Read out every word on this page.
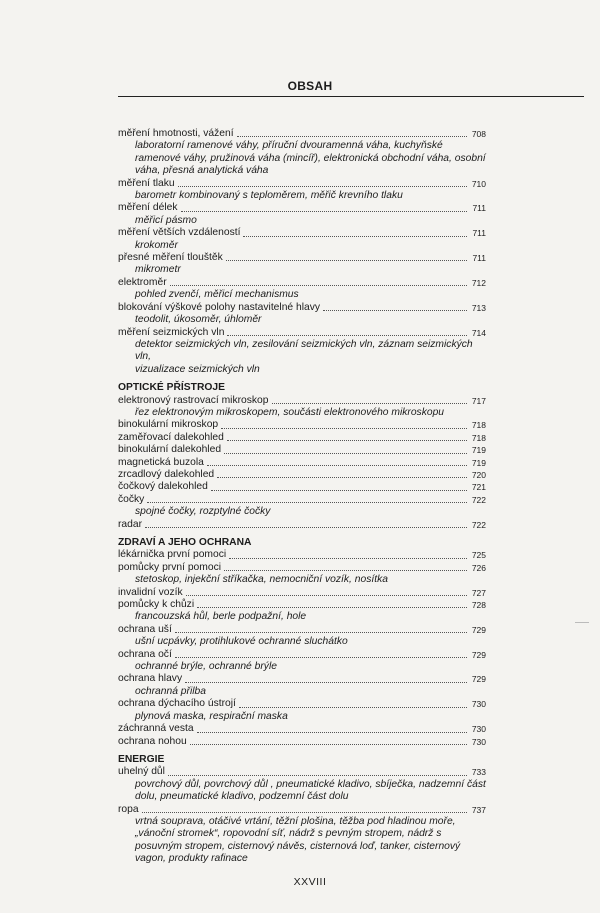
OBSAH
měření hmotnosti, vážení	708
laboratorní ramenové váhy, příruční dvouramenná váha, kuchyňské
ramenové váhy, pružinová váha (mincíř), elektronická obchodní váha, osobní
váha, přesná analytická váha
měření tlaku	710
barometr kombinovaný s teploměrem, měřič krevního tlaku
měření délek	711
měřicí pásmo
měření větších vzdáleností	711
krokoměr
přesné měření tlouštěk	711
mikrometr
elektroměr	712
pohled zvenčí, měřicí mechanismus
blokování výškové polohy nastavitelné hlavy	713
teodolit, úkosoměr, úhloměr
měření seizmických vln	714
detektor seizmických vln, zesilování seizmických vln, záznam seizmických vln,
vizualizace seizmických vln
OPTICKÉ PŘÍSTROJE
elektronový rastrovací mikroskop	717
řez elektronovým mikroskopem, součásti elektronového mikroskopu
binokulární mikroskop	718
zaměřovací dalekohled	718
binokulární dalekohled	719
magnetická buzola	719
zrcadlový dalekohled	720
čočkový dalekohled	721
čočky	722
spojné čočky, rozptylné čočky
radar	722
ZDRAVÍ A JEHO OCHRANA
lékárnička první pomoci	725
pomůcky první pomoci	726
stetoskop, injekční stříkačka, nemocniční vozík, nosítka
invalidní vozík	727
pomůcky k chůzi	728
francouzská hůl, berle podpažní, hole
ochrana uší	729
ušní ucpávky, protihlukové ochranné sluchátko
ochrana očí	729
ochranné brýle, ochranné brýle
ochrana hlavy	729
ochranná přilba
ochrana dýchacího ústrojí	730
plynová maska, respirační maska
záchranná vesta	730
ochrana nohou	730
ENERGIE
uhelný důl	733
povrchový důl, povrchový důl , pneumatické kladivo, sbíječka, nadzemní část
dolu, pneumatické kladivo, podzemní část dolu
ropa	737
vrtná souprava, otáčivé vrtání, těžní plošina, těžba pod hladinou moře,
„vánoční stromek“, ropovodní síť, nádrž s pevným stropem, nádrž s
posuvným stropem, cisternový návěs, cisternová loď, tanker, cisternový
vagon, produkty rafinace
XXVIII
